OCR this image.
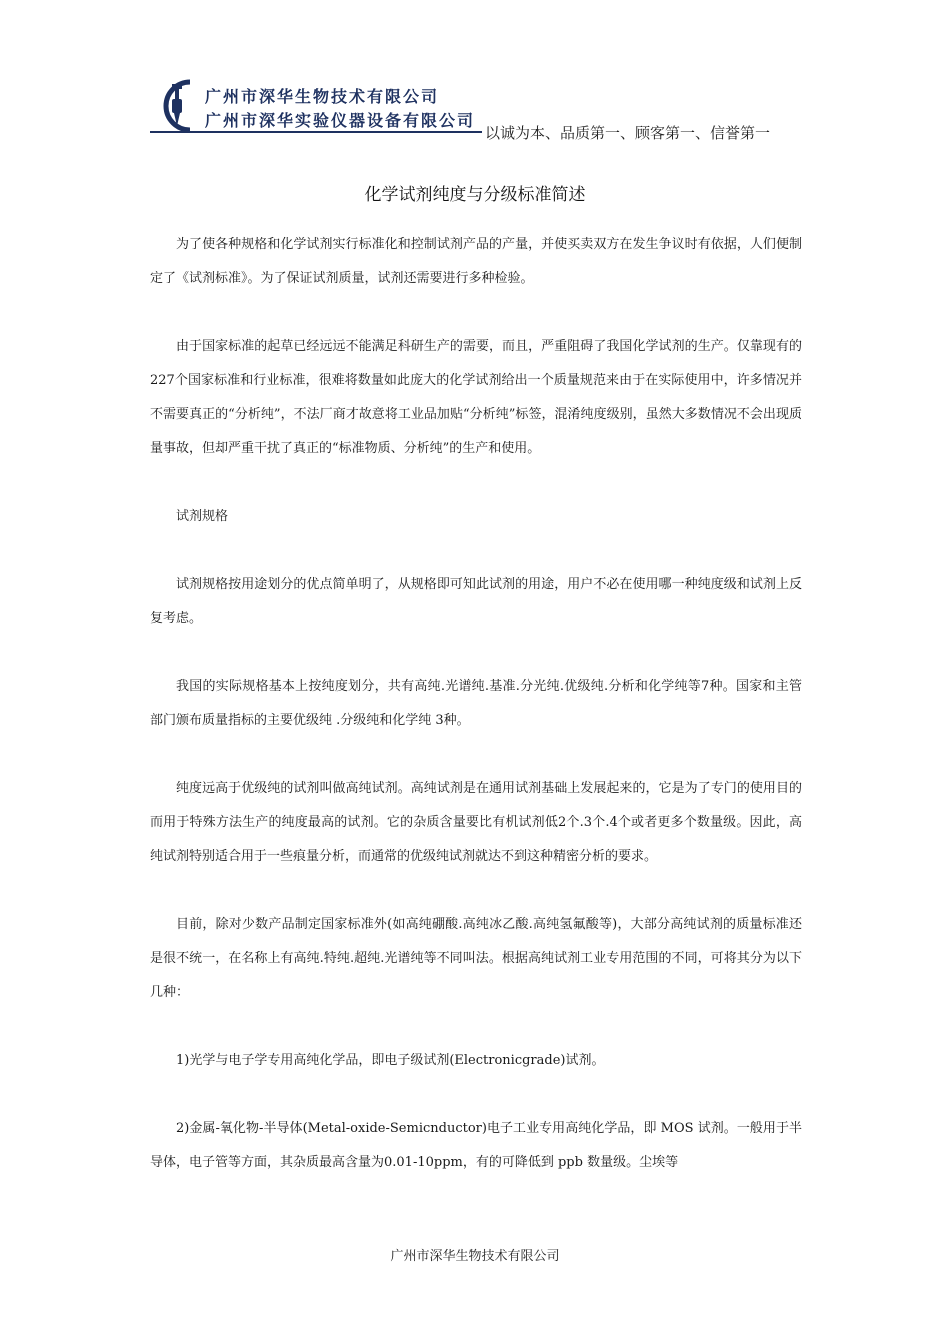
广州市深华生物技术有限公司
广州市深华实验仪器设备有限公司
以诚为本、品质第一、顾客第一、信誉第一
化学试剂纯度与分级标准简述

为了使各种规格和化学试剂实行标准化和控制试剂产品的产量，并使买卖双方在发生争议时有依据，人们便制定了《试剂标准》。为了保证试剂质量，试剂还需要进行多种检验。

由于国家标准的起草已经远远不能满足科研生产的需要，而且，严重阻碍了我国化学试剂的生产。仅靠现有的227个国家标准和行业标准，很难将数量如此庞大的化学试剂给出一个质量规范来由于在实际使用中，许多情况并不需要真正的“分析纯”，不法厂商才故意将工业品加贴“分析纯”标签，混淆纯度级别，虽然大多数情况不会出现质量事故，但却严重干扰了真正的“标准物质、分析纯”的生产和使用。

试剂规格

试剂规格按用途划分的优点简单明了，从规格即可知此试剂的用途，用户不必在使用哪一种纯度级和试剂上反复考虑。

我国的实际规格基本上按纯度划分，共有高纯.光谱纯.基准.分光纯.优级纯.分析和化学纯等7种。国家和主管部门颁布质量指标的主要优级纯 .分级纯和化学纯 3种。

纯度远高于优级纯的试剂叫做高纯试剂。高纯试剂是在通用试剂基础上发展起来的，它是为了专门的使用目的而用于特殊方法生产的纯度最高的试剂。它的杂质含量要比有机试剂低2个.3个.4个或者更多个数量级。因此，高纯试剂特别适合用于一些痕量分析，而通常的优级纯试剂就达不到这种精密分析的要求。

目前，除对少数产品制定国家标准外(如高纯硼酸.高纯冰乙酸.高纯氢氟酸等)，大部分高纯试剂的质量标准还是很不统一，在名称上有高纯.特纯.超纯.光谱纯等不同叫法。根据高纯试剂工业专用范围的不同，可将其分为以下几种：

1)光学与电子学专用高纯化学品，即电子级试剂(Electronicgrade)试剂。

2)金属-氧化物-半导体(Metal-oxide-Semicnductor)电子工业专用高纯化学品，即 MOS 试剂。一般用于半导体，电子管等方面，其杂质最高含量为0.01-10ppm，有的可降低到 ppb 数量级。尘埃等

广州市深华生物技术有限公司
